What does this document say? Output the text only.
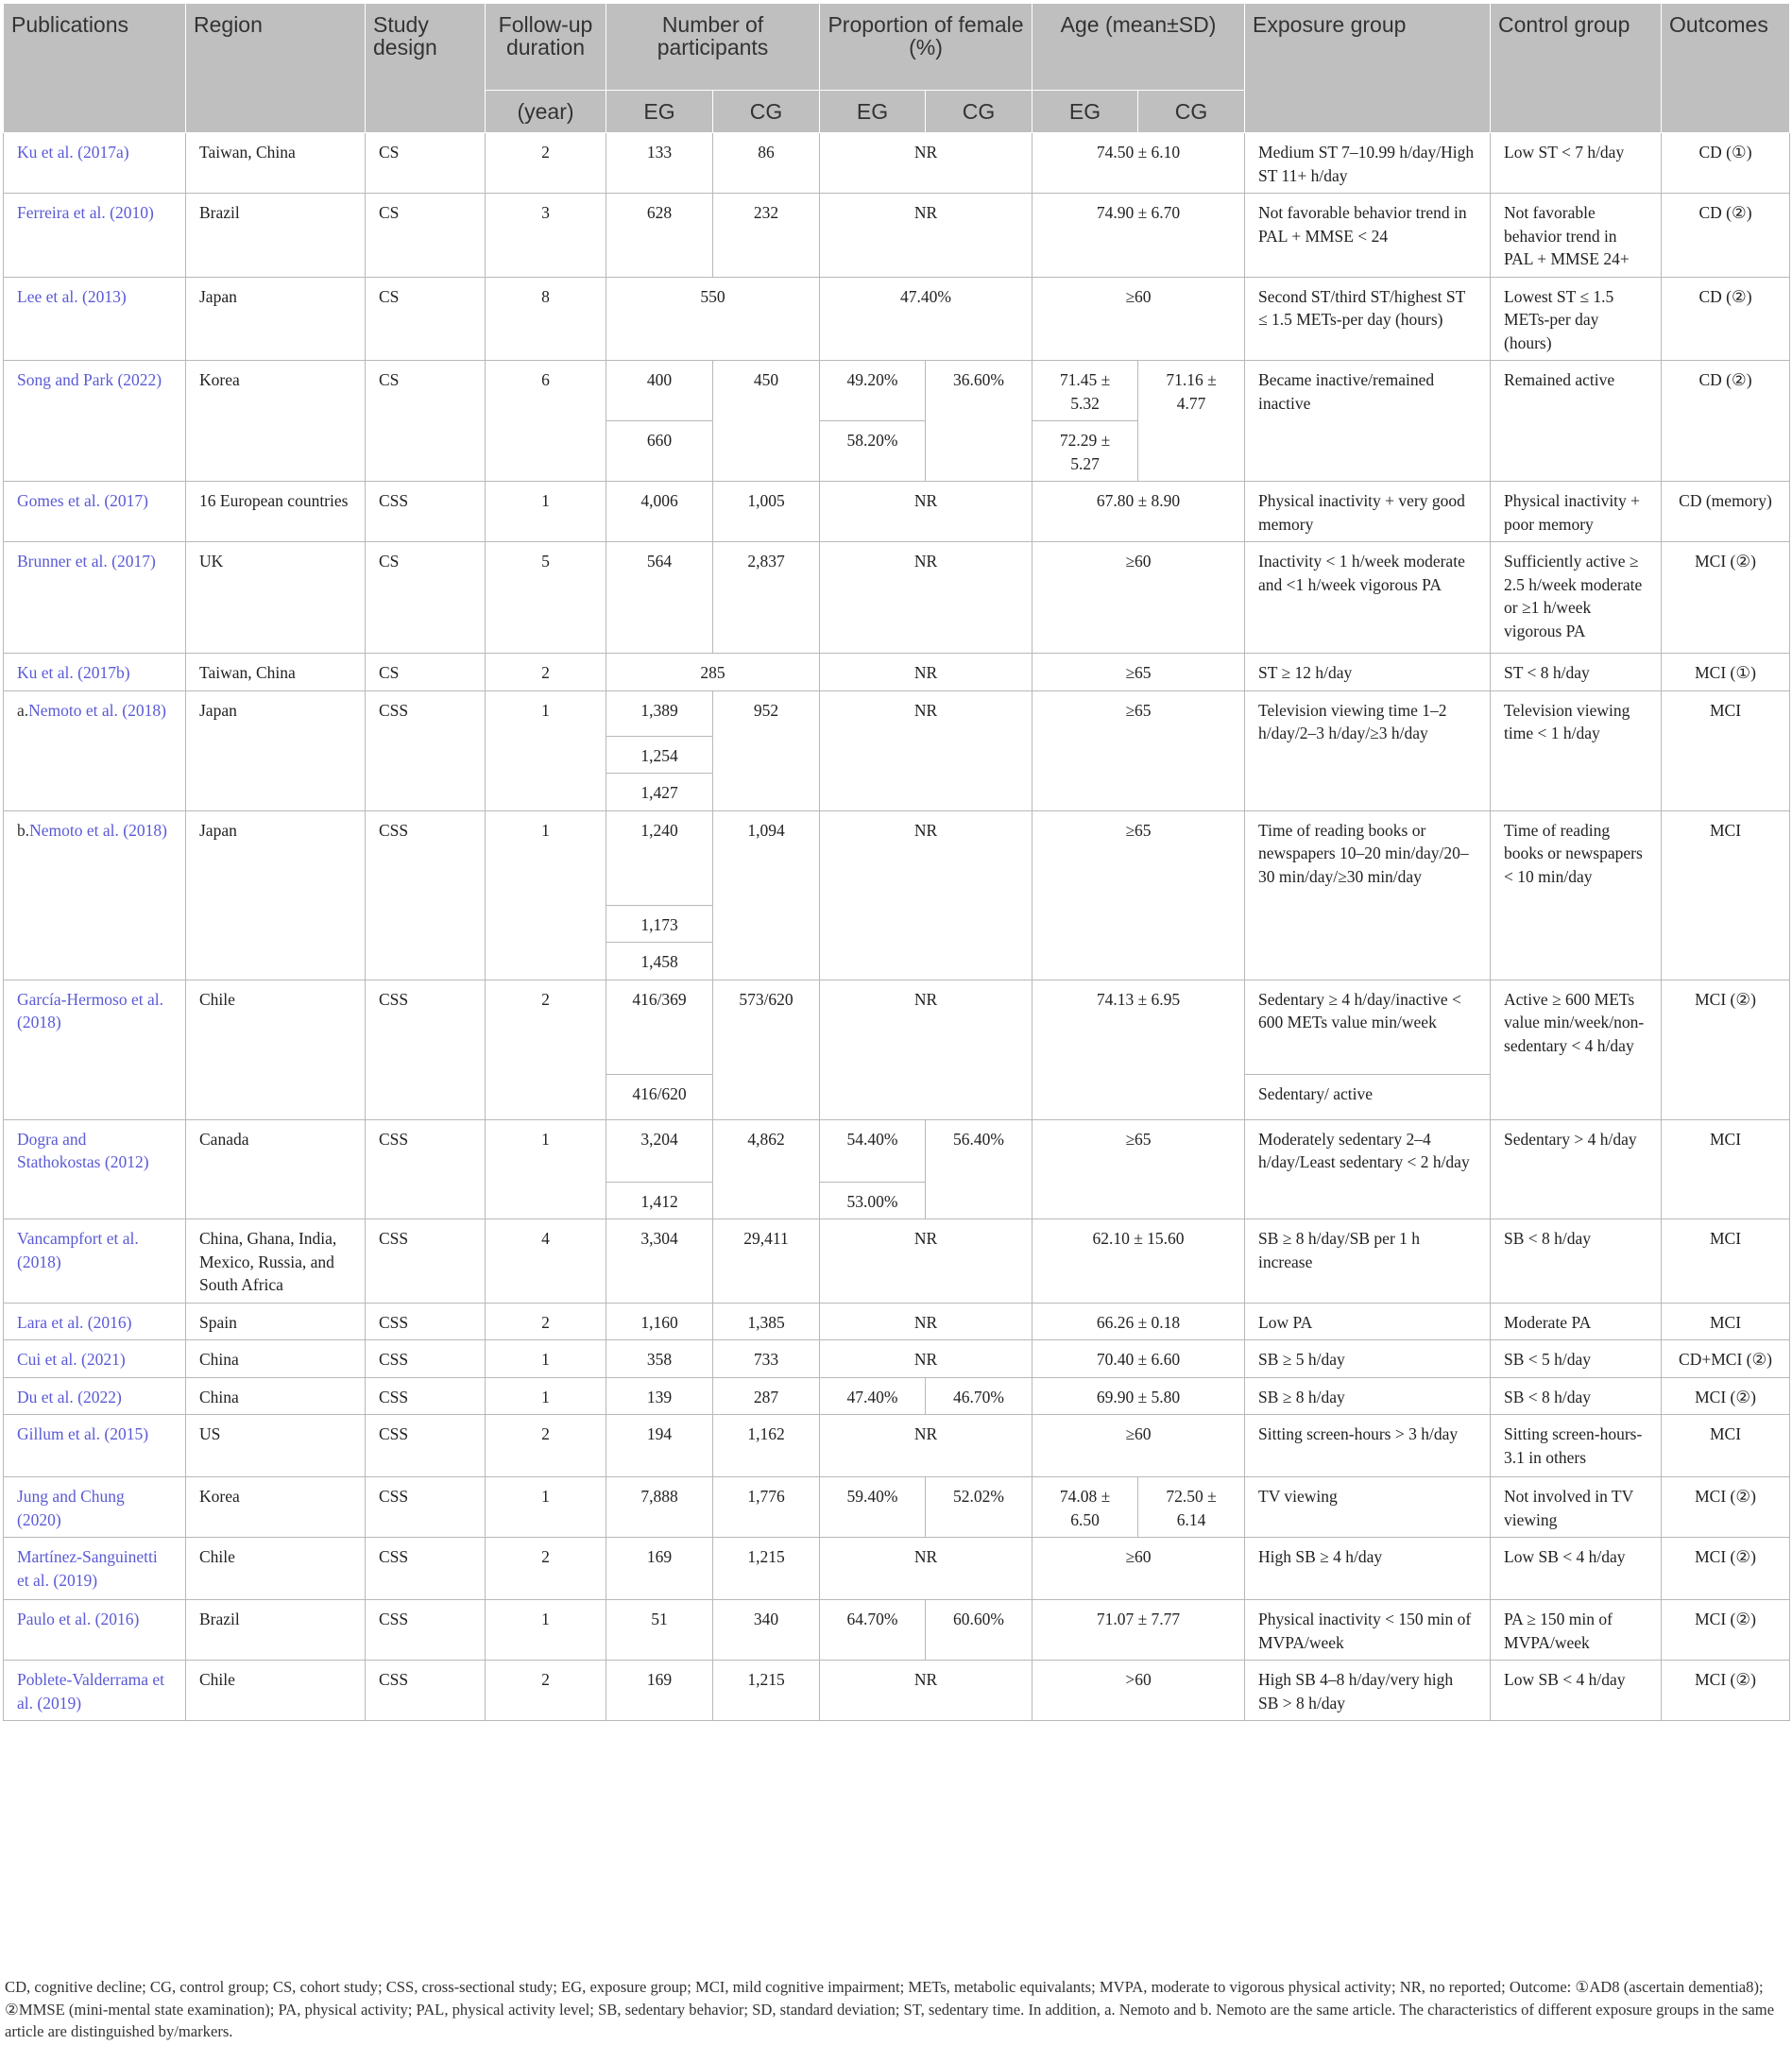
Publications	Region	Study design	Follow-up duration	Number of participants		Proportion of female (%)		Age (mean±SD)		Exposure group	Control group	Outcomes
			(year)	EG	CG	EG	CG	EG	CG			
Ku et al. (2017a)	Taiwan, China	CS	2	133	86	NR		74.50 ± 6.10		Medium ST 7–10.99 h/day/High ST 11+ h/day	Low ST < 7 h/day	CD (①)
Ferreira et al. (2010)	Brazil	CS	3	628	232	NR		74.90 ± 6.70		Not favorable behavior trend in PAL + MMSE < 24	Not favorable behavior trend in PAL + MMSE 24+	CD (②)
Lee et al. (2013)	Japan	CS	8	550		47.40%		≥60		Second ST/third ST/highest ST ≤ 1.5 METs-per day (hours)	Lowest ST ≤ 1.5 METs-per day (hours)	CD (②)
Song and Park (2022)	Korea	CS	6	400	450	49.20%	36.60%	71.45 ± 5.32	71.16 ± 4.77	Became inactive/remained inactive	Remained active	CD (②)
				660		58.20%		72.29 ± 5.27				
Gomes et al. (2017)	16 European countries	CSS	1	4,006	1,005	NR		67.80 ± 8.90		Physical inactivity + very good memory	Physical inactivity + poor memory	CD (memory)
Brunner et al. (2017)	UK	CS	5	564	2,837	NR		≥60		Inactivity < 1 h/week moderate and <1 h/week vigorous PA	Sufficiently active ≥ 2.5 h/week moderate or ≥1 h/week vigorous PA	MCI (②)
Ku et al. (2017b)	Taiwan, China	CS	2	285		NR		≥65		ST ≥ 12 h/day	ST < 8 h/day	MCI (①)
a.Nemoto et al. (2018)	Japan	CSS	1	1,389	952	NR		≥65		Television viewing time 1–2 h/day/2–3 h/day/≥3 h/day	Television viewing time < 1 h/day	MCI
				1,254								
				1,427								
b.Nemoto et al. (2018)	Japan	CSS	1	1,240	1,094	NR		≥65		Time of reading books or newspapers 10–20 min/day/20–30 min/day/≥30 min/day	Time of reading books or newspapers < 10 min/day	MCI
				1,173								
				1,458								
García-Hermoso et al. (2018)	Chile	CSS	2	416/369	573/620	NR		74.13 ± 6.95		Sedentary ≥ 4 h/day/inactive < 600 METs value min/week	Active ≥ 600 METs value min/week/non-sedentary < 4 h/day	MCI (②)
				416/620						Sedentary/ active		
Dogra and Stathokostas (2012)	Canada	CSS	1	3,204	4,862	54.40%	56.40%	≥65		Moderately sedentary 2–4 h/day/Least sedentary < 2 h/day	Sedentary > 4 h/day	MCI
				1,412		53.00%						
Vancampfort et al. (2018)	China, Ghana, India, Mexico, Russia, and South Africa	CSS	4	3,304	29,411	NR		62.10 ± 15.60		SB ≥ 8 h/day/SB per 1 h increase	SB < 8 h/day	MCI
Lara et al. (2016)	Spain	CSS	2	1,160	1,385	NR		66.26 ± 0.18		Low PA	Moderate PA	MCI
Cui et al. (2021)	China	CSS	1	358	733	NR		70.40 ± 6.60		SB ≥ 5 h/day	SB < 5 h/day	CD+MCI (②)
Du et al. (2022)	China	CSS	1	139	287	47.40%	46.70%	69.90 ± 5.80		SB ≥ 8 h/day	SB < 8 h/day	MCI (②)
Gillum et al. (2015)	US	CSS	2	194	1,162	NR		≥60		Sitting screen-hours > 3 h/day	Sitting screen-hours-3.1 in others	MCI
Jung and Chung (2020)	Korea	CSS	1	7,888	1,776	59.40%	52.02%	74.08 ± 6.50	72.50 ± 6.14	TV viewing	Not involved in TV viewing	MCI (②)
Martínez-Sanguinetti et al. (2019)	Chile	CSS	2	169	1,215	NR		≥60		High SB ≥ 4 h/day	Low SB < 4 h/day	MCI (②)
Paulo et al. (2016)	Brazil	CSS	1	51	340	64.70%	60.60%	71.07 ± 7.77		Physical inactivity < 150 min of MVPA/week	PA ≥ 150 min of MVPA/week	MCI (②)
Poblete-Valderrama et al. (2019)	Chile	CSS	2	169	1,215	NR		>60		High SB 4–8 h/day/very high SB > 8 h/day	Low SB < 4 h/day	MCI (②)
CD, cognitive decline; CG, control group; CS, cohort study; CSS, cross-sectional study; EG, exposure group; MCI, mild cognitive impairment; METs, metabolic equivalants; MVPA, moderate to vigorous physical activity; NR, no reported; Outcome: ①AD8 (ascertain dementia8); ②MMSE (mini-mental state examination); PA, physical activity; PAL, physical activity level; SB, sedentary behavior; SD, standard deviation; ST, sedentary time. In addition, a. Nemoto and b. Nemoto are the same article. The characteristics of different exposure groups in the same article are distinguished by/markers.
